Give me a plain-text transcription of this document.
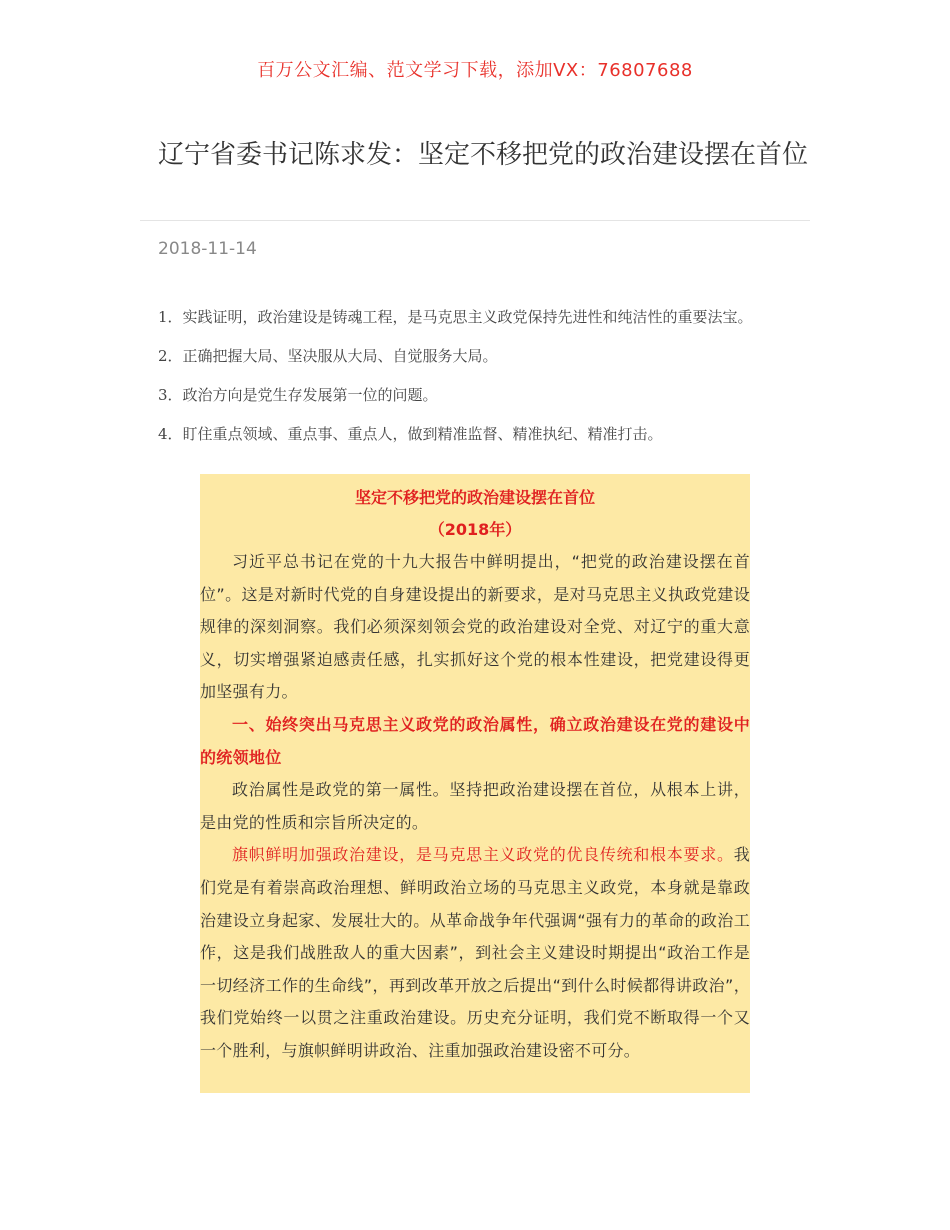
百万公文汇编、范文学习下载，添加VX：76807688
辽宁省委书记陈求发：坚定不移把党的政治建设摆在首位
2018-11-14
1．实践证明，政治建设是铸魂工程，是马克思主义政党保持先进性和纯洁性的重要法宝。
2．正确把握大局、坚决服从大局、自觉服务大局。
3．政治方向是党生存发展第一位的问题。
4．盯住重点领域、重点事、重点人，做到精准监督、精准执纪、精准打击。
坚定不移把党的政治建设摆在首位
（2018年）

习近平总书记在党的十九大报告中鲜明提出，“把党的政治建设摆在首位”。这是对新时代党的自身建设提出的新要求，是对马克思主义执政党建设规律的深刻洞察。我们必须深刻领会党的政治建设对全党、对辽宁的重大意义，切实增强紧迫感责任感，扎实抓好这个党的根本性建设，把党建设得更加坚强有力。

一、始终突出马克思主义政党的政治属性，确立政治建设在党的建设中的统领地位

政治属性是政党的第一属性。坚持把政治建设摆在首位，从根本上讲，是由党的性质和宗旨所决定的。

旗帜鲜明加强政治建设，是马克思主义政党的优良传统和根本要求。我们党是有着崇高政治理想、鲜明政治立场的马克思主义政党，本身就是靠政治建设立身起家、发展壮大的。从革命战争年代强调“强有力的革命的政治工作，这是我们战胜敌人的重大因素”，到社会主义建设时期提出“政治工作是一切经济工作的生命线”，再到改革开放之后提出“到什么时候都得讲政治”，我们党始终一以贯之注重政治建设。历史充分证明，我们党不断取得一个又一个胜利，与旗帜鲜明讲政治、注重加强政治建设密不可分。
